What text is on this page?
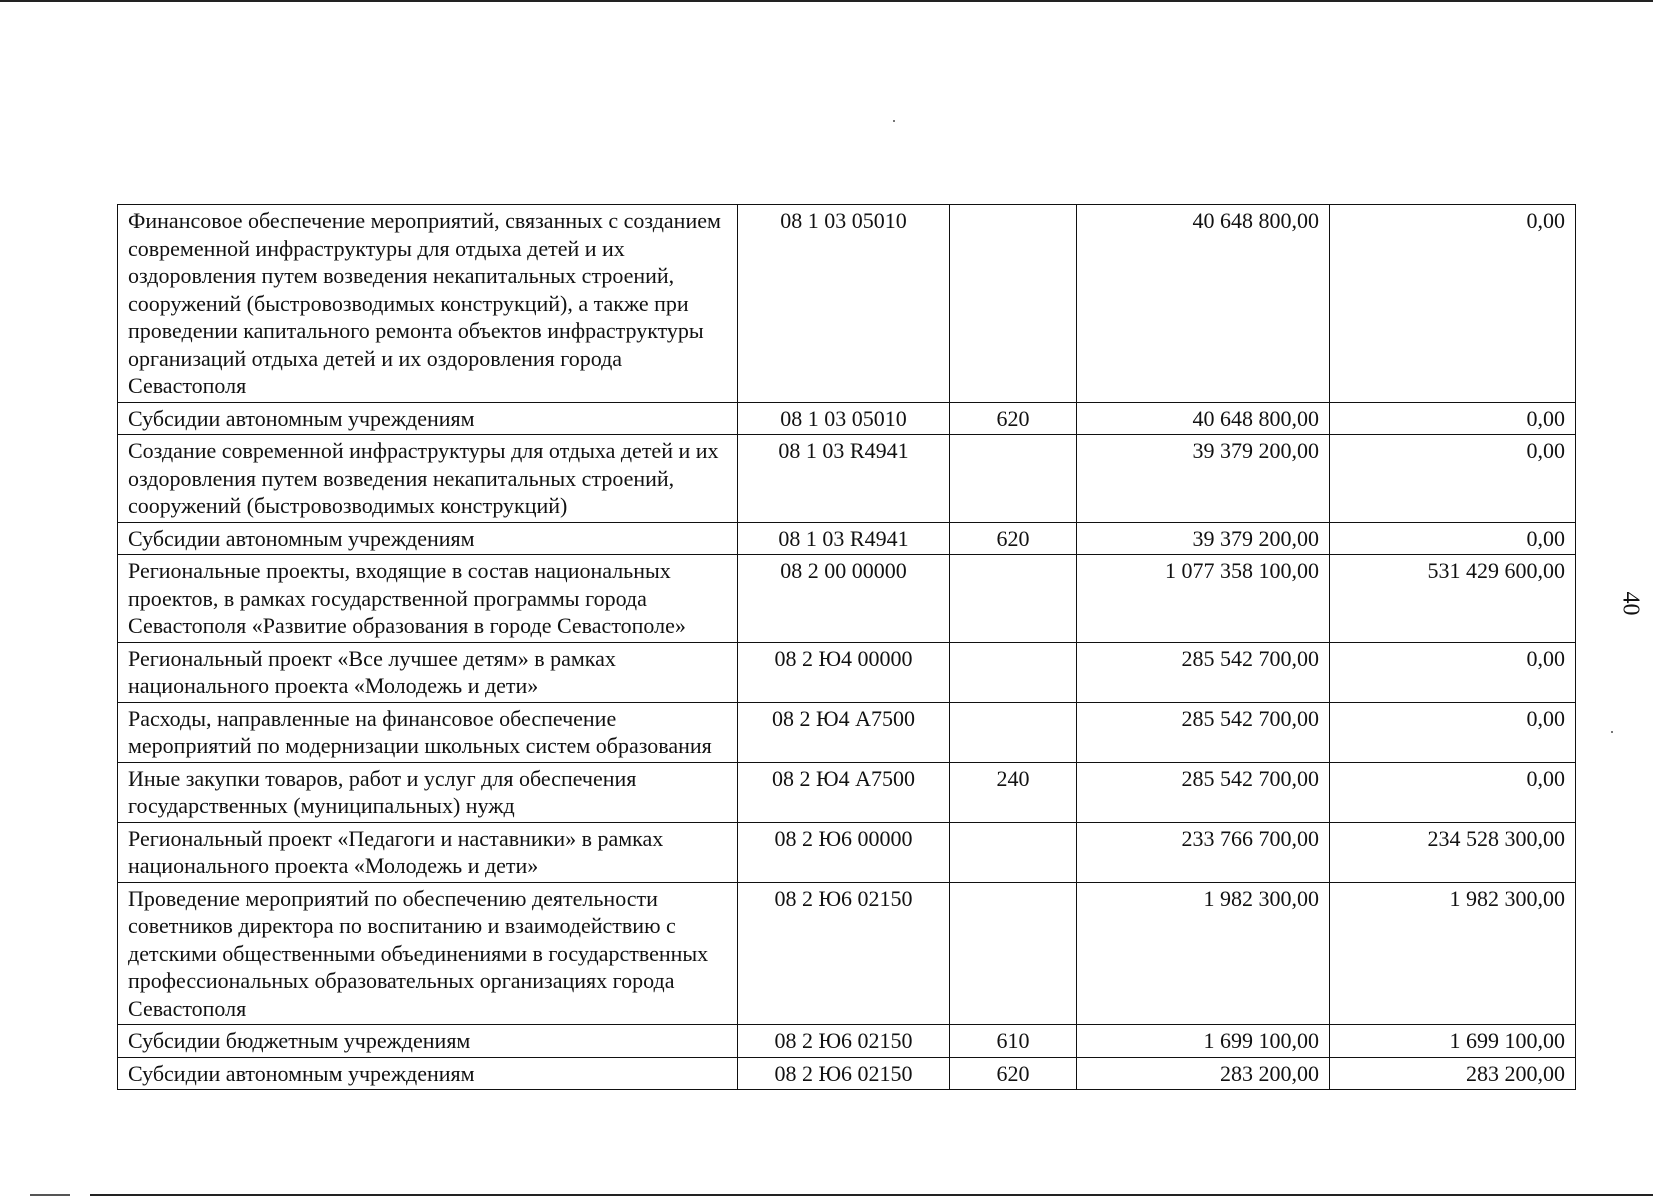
40
Финансовое обеспечение мероприятий, связанных с созданием современной инфраструктуры для отдыха детей и их оздоровления путем возведения некапитальных строений, сооружений (быстровозводимых конструкций), а также при проведении капитального ремонта объектов инфраструктуры организаций отдыха детей и их оздоровления города Севастополя	08 1 03 05010		40 648 800,00	0,00
Субсидии автономным учреждениям	08 1 03 05010	620	40 648 800,00	0,00
Создание современной инфраструктуры для отдыха детей и их оздоровления путем возведения некапитальных строений, сооружений (быстровозводимых конструкций)	08 1 03 R4941		39 379 200,00	0,00
Субсидии автономным учреждениям	08 1 03 R4941	620	39 379 200,00	0,00
Региональные проекты, входящие в состав национальных проектов, в рамках государственной программы города Севастополя «Развитие образования в городе Севастополе»	08 2 00 00000		1 077 358 100,00	531 429 600,00
Региональный проект «Все лучшее детям» в рамках национального проекта «Молодежь и дети»	08 2 Ю4 00000		285 542 700,00	0,00
Расходы, направленные на финансовое обеспечение мероприятий по модернизации школьных систем образования	08 2 Ю4 А7500		285 542 700,00	0,00
Иные закупки товаров, работ и услуг для обеспечения государственных (муниципальных) нужд	08 2 Ю4 А7500	240	285 542 700,00	0,00
Региональный проект «Педагоги и наставники» в рамках национального проекта «Молодежь и дети»	08 2 Ю6 00000		233 766 700,00	234 528 300,00
Проведение мероприятий по обеспечению деятельности советников директора по воспитанию и взаимодействию с детскими общественными объединениями в государственных профессиональных образовательных организациях города Севастополя	08 2 Ю6 02150		1 982 300,00	1 982 300,00
Субсидии бюджетным учреждениям	08 2 Ю6 02150	610	1 699 100,00	1 699 100,00
Субсидии автономным учреждениям	08 2 Ю6 02150	620	283 200,00	283 200,00
